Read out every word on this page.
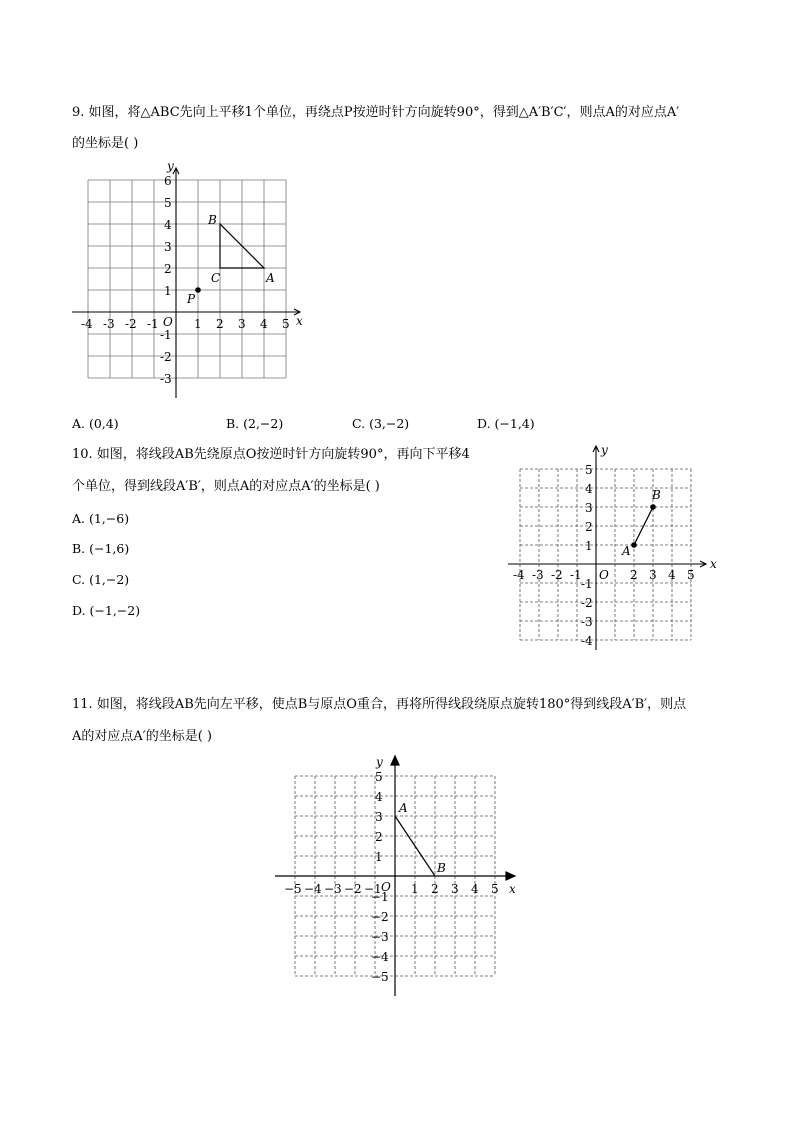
9. 如图，将△ABC先向上平移1个单位，再绕点P按逆时针方向旋转90°，得到△A′B′C′，则点A的对应点A′
的坐标是( )
x
y
O
-4 -3 -2 -1	1 2 3 4 5
6
5
4
3
2
1
-1
-2
-3
A
B
C
P
A. (0,4)	B. (2,−2)	C. (3,−2)	D. (−1,4)
10. 如图，将线段AB先绕原点O按逆时针方向旋转90°，再向下平移4
个单位，得到线段A′B′，则点A的对应点A′的坐标是( )
A. (1,−6)
B. (−1,6)
C. (1,−2)
D. (−1,−2)
x
y
O
-4 -3 -2 -1	2 3 4 5
5
4
3
2
1
-1
-2
-3
-4
A
B
11. 如图，将线段AB先向左平移，使点B与原点O重合，再将所得线段绕原点旋转180°得到线段A′B′，则点
A的对应点A′的坐标是( )
x
y
O
−5 −4 −3 −2 −1 1 2 3 4 5
5
4
3
2
1
−1
−2
−3
−4
−5
A
B
